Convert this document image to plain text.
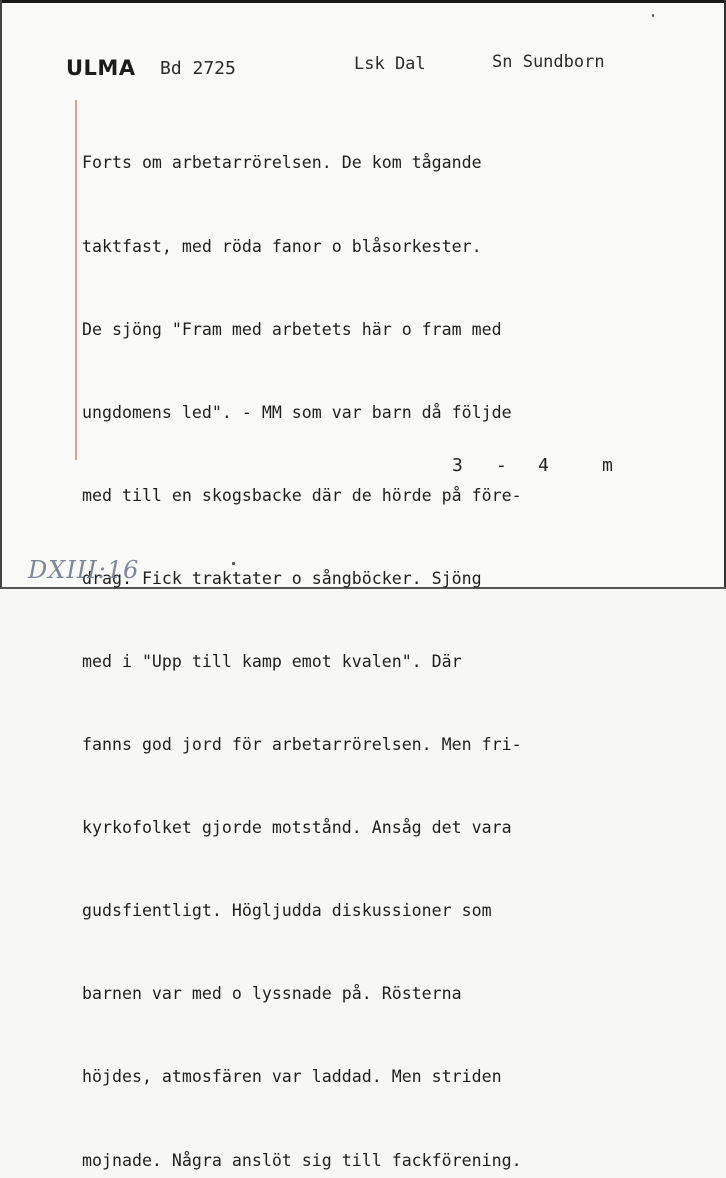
ULMA Bd 2725	Lsk Dal	Sn Sundborn

Forts om arbetarrörelsen. De kom tågande

taktfast, med röda fanor o blåsorkester.

De sjöng "Fram med arbetets här o fram med

ungdomens led". - MM som var barn då följde

med till en skogsbacke där de hörde på före-

drag. Fick traktater o sångböcker. Sjöng

med i "Upp till kamp emot kvalen". Där

fanns god jord för arbetarrörelsen. Men fri-

kyrkofolket gjorde motstånd. Ansåg det vara

gudsfientligt. Högljudda diskussioner som

barnen var med o lyssnade på. Rösterna

höjdes, atmosfären var laddad. Men striden

mojnade. Några anslöt sig till fackförening.

3 - 4	m
DXIII:16
